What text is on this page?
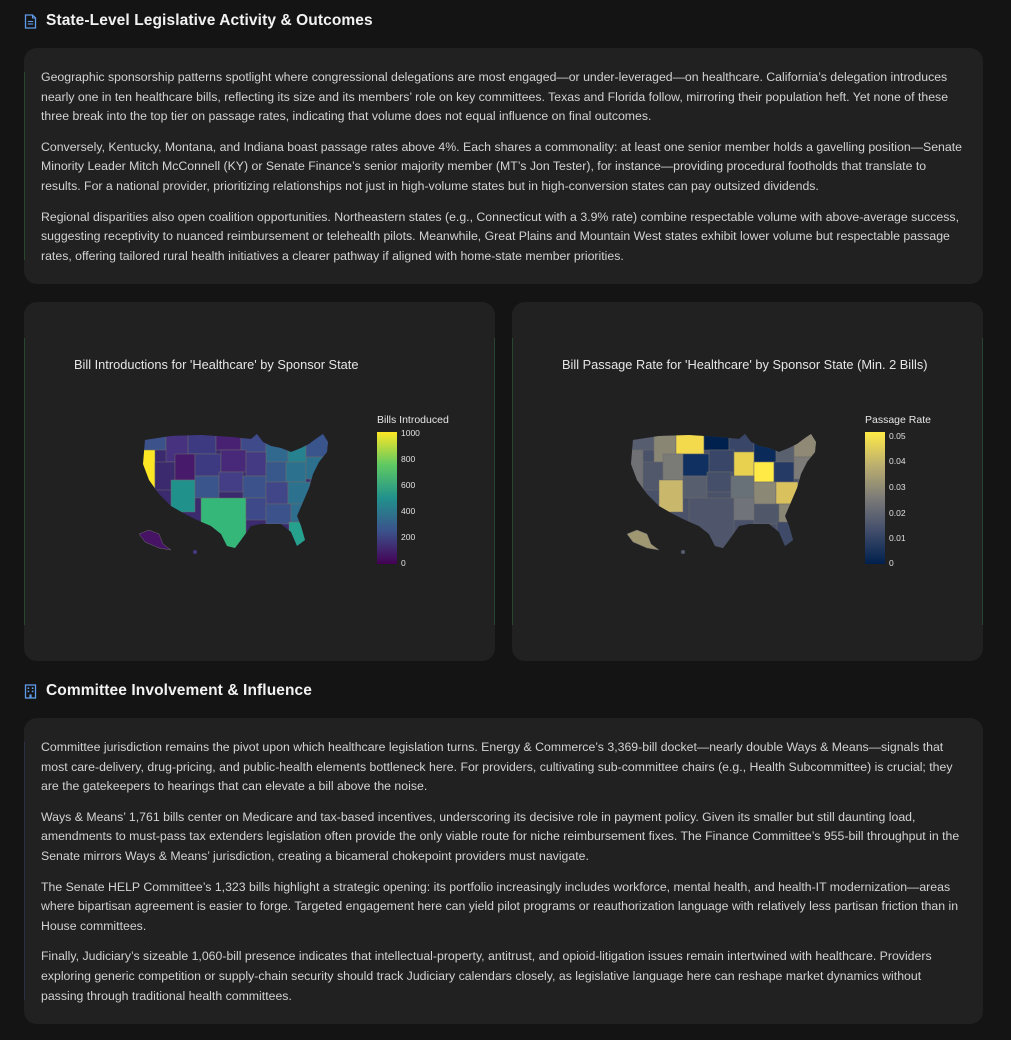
State-Level Legislative Activity & Outcomes

Geographic sponsorship patterns spotlight where congressional delegations are most engaged—or under-leveraged—on healthcare. California’s delegation introduces nearly one in ten healthcare bills, reflecting its size and its members’ role on key committees. Texas and Florida follow, mirroring their population heft. Yet none of these three break into the top tier on passage rates, indicating that volume does not equal influence on final outcomes.

Conversely, Kentucky, Montana, and Indiana boast passage rates above 4%. Each shares a commonality: at least one senior member holds a gavelling position—Senate Minority Leader Mitch McConnell (KY) or Senate Finance’s senior majority member (MT’s Jon Tester), for instance—providing procedural footholds that translate to results. For a national provider, prioritizing relationships not just in high-volume states but in high-conversion states can pay outsized dividends.

Regional disparities also open coalition opportunities. Northeastern states (e.g., Connecticut with a 3.9% rate) combine respectable volume with above-average success, suggesting receptivity to nuanced reimbursement or telehealth pilots. Meanwhile, Great Plains and Mountain West states exhibit lower volume but respectable passage rates, offering tailored rural health initiatives a clearer pathway if aligned with home-state member priorities.

Bill Introductions for 'Healthcare' by Sponsor State
Bills Introduced
1000
800
600
400
200
0
Bill Passage Rate for 'Healthcare' by Sponsor State (Min. 2 Bills)
Passage Rate
0.05
0.04
0.03
0.02
0.01
0
Committee Involvement & Influence

Committee jurisdiction remains the pivot upon which healthcare legislation turns. Energy & Commerce’s 3,369-bill docket—nearly double Ways & Means—signals that most care-delivery, drug-pricing, and public-health elements bottleneck here. For providers, cultivating sub-committee chairs (e.g., Health Subcommittee) is crucial; they are the gatekeepers to hearings that can elevate a bill above the noise.

Ways & Means’ 1,761 bills center on Medicare and tax-based incentives, underscoring its decisive role in payment policy. Given its smaller but still daunting load, amendments to must-pass tax extenders legislation often provide the only viable route for niche reimbursement fixes. The Finance Committee’s 955-bill throughput in the Senate mirrors Ways & Means’ jurisdiction, creating a bicameral chokepoint providers must navigate.

The Senate HELP Committee’s 1,323 bills highlight a strategic opening: its portfolio increasingly includes workforce, mental health, and health-IT modernization—areas where bipartisan agreement is easier to forge. Targeted engagement here can yield pilot programs or reauthorization language with relatively less partisan friction than in House committees.

Finally, Judiciary’s sizeable 1,060-bill presence indicates that intellectual-property, antitrust, and opioid-litigation issues remain intertwined with healthcare. Providers exploring generic competition or supply-chain security should track Judiciary calendars closely, as legislative language here can reshape market dynamics without passing through traditional health committees.
